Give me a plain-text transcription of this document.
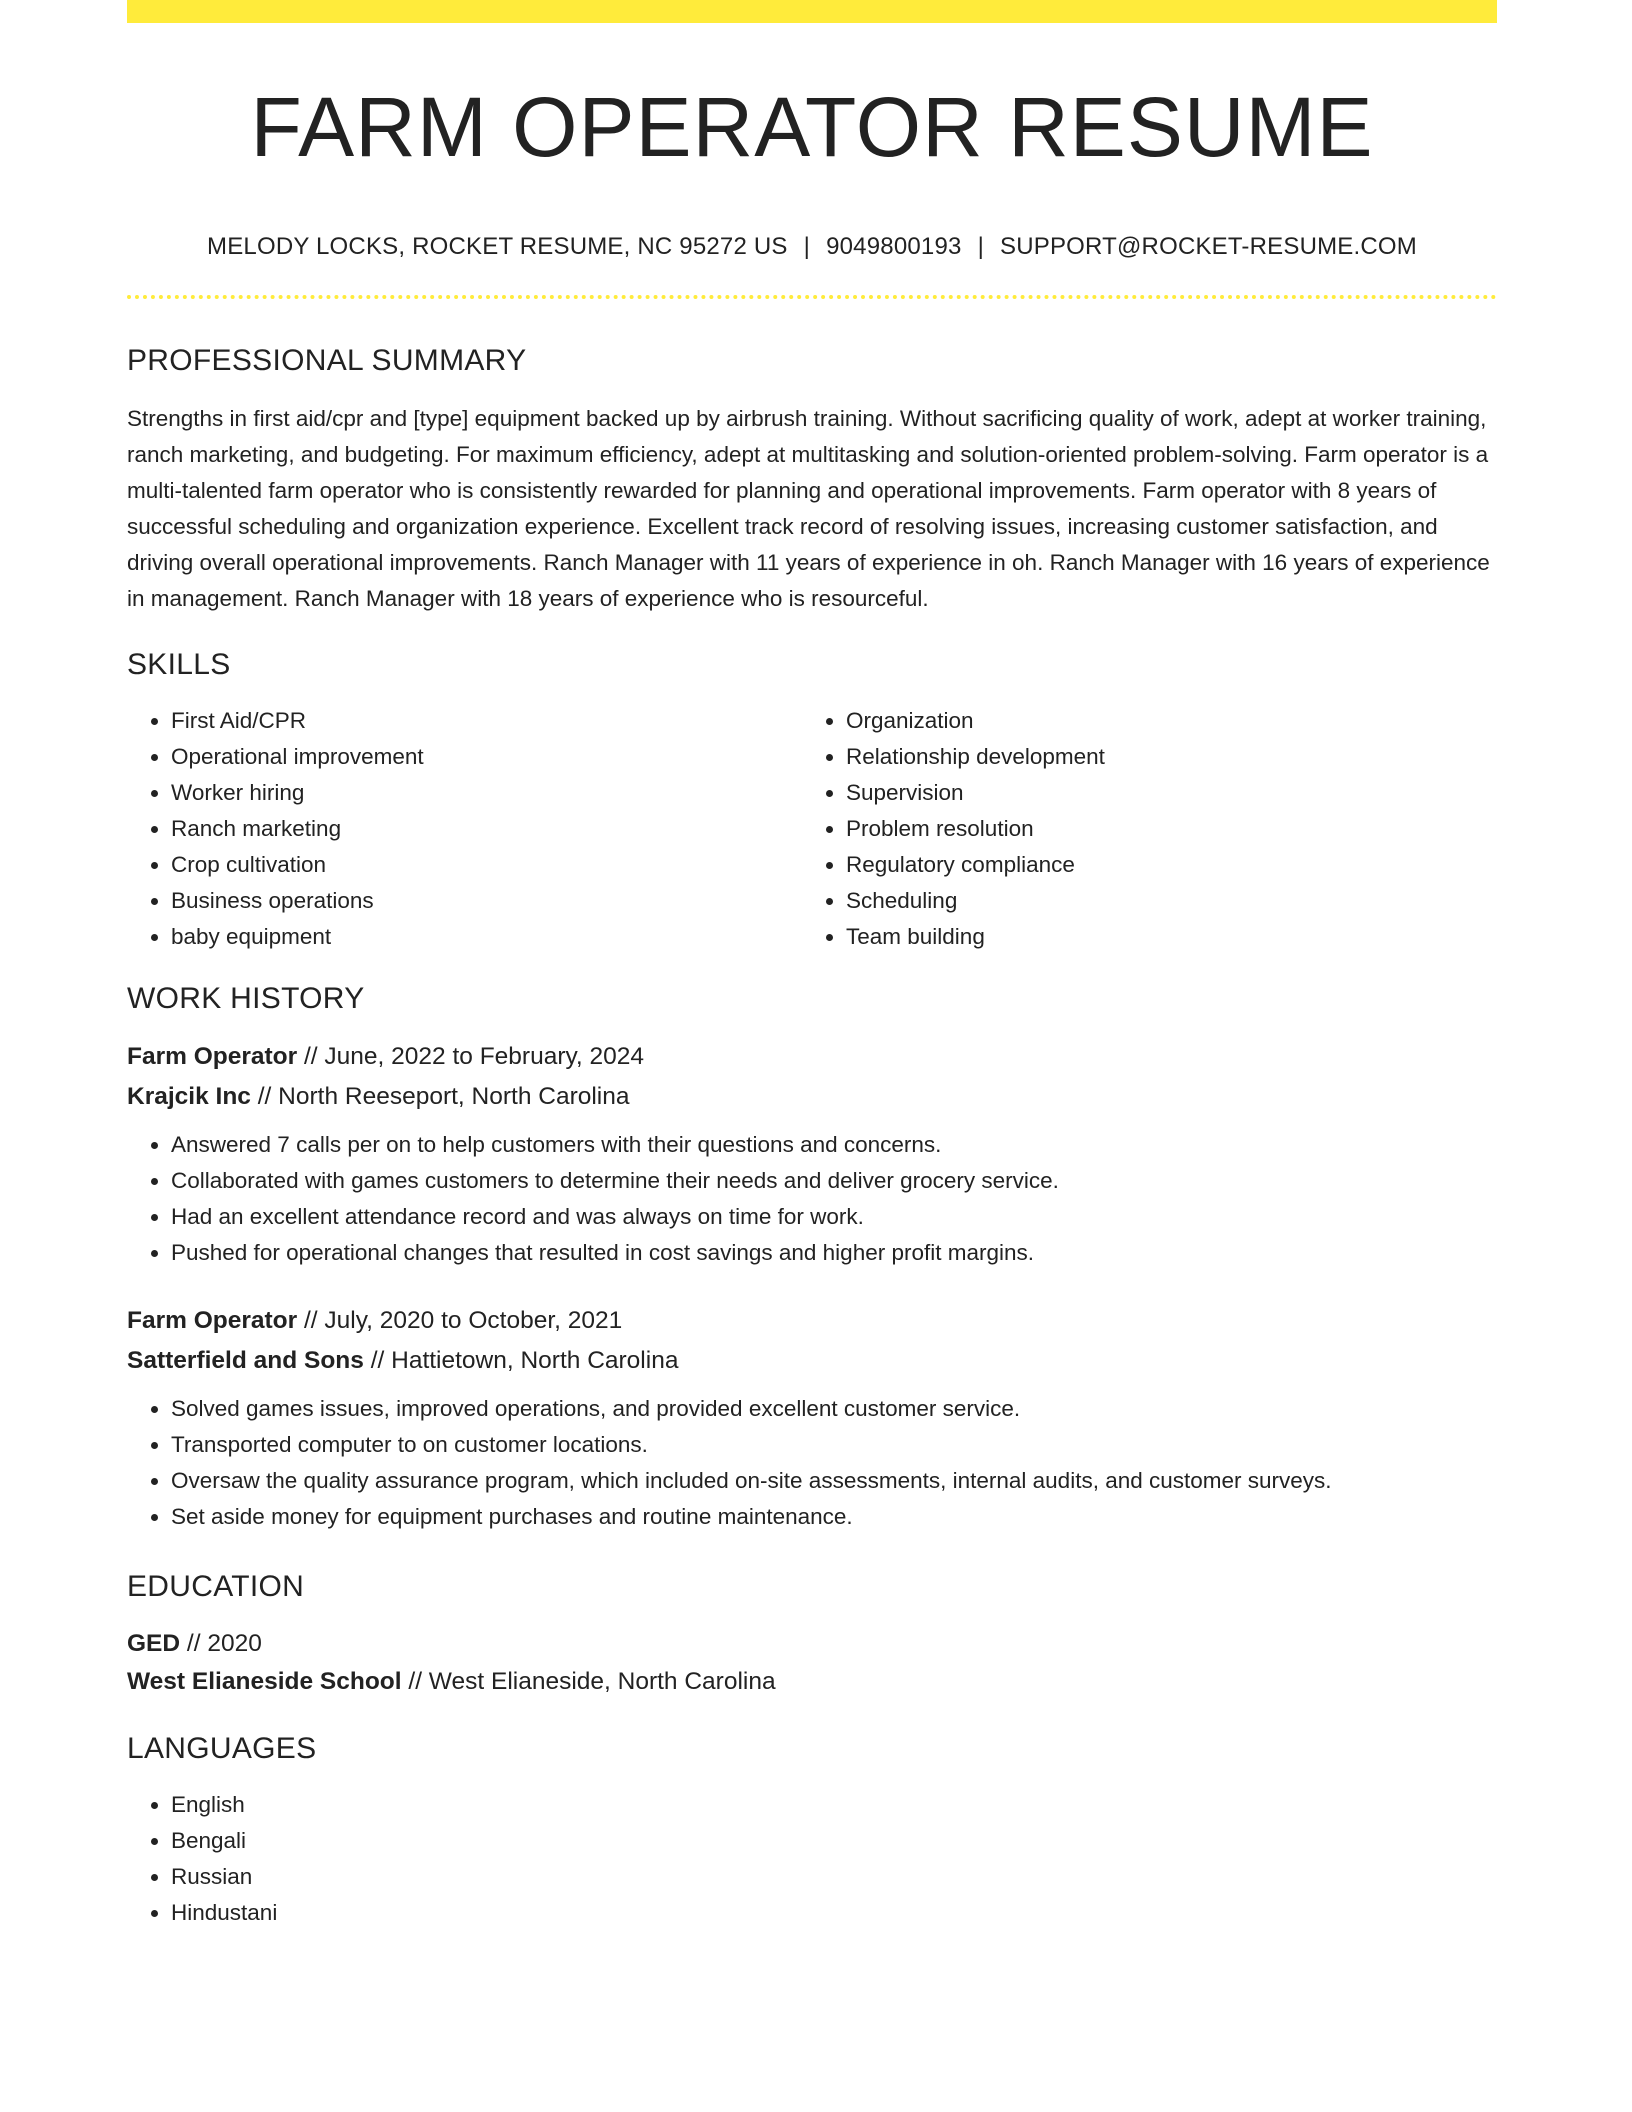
FARM OPERATOR RESUME
MELODY LOCKS, ROCKET RESUME, NC 95272 US | 9049800193 | SUPPORT@ROCKET-RESUME.COM
PROFESSIONAL SUMMARY

Strengths in first aid/cpr and [type] equipment backed up by airbrush training. Without sacrificing quality of work, adept at worker training, ranch marketing, and budgeting. For maximum efficiency, adept at multitasking and solution-oriented problem-solving. Farm operator is a multi-talented farm operator who is consistently rewarded for planning and operational improvements. Farm operator with 8 years of successful scheduling and organization experience. Excellent track record of resolving issues, increasing customer satisfaction, and driving overall operational improvements. Ranch Manager with 11 years of experience in oh. Ranch Manager with 16 years of experience in management. Ranch Manager with 18 years of experience who is resourceful.

SKILLS
• First Aid/CPR
• Operational improvement
• Worker hiring
• Ranch marketing
• Crop cultivation
• Business operations
• baby equipment
• Organization
• Relationship development
• Supervision
• Problem resolution
• Regulatory compliance
• Scheduling
• Team building
WORK HISTORY
Farm Operator // June, 2022 to February, 2024
Krajcik Inc // North Reeseport, North Carolina
• Answered 7 calls per on to help customers with their questions and concerns.
• Collaborated with games customers to determine their needs and deliver grocery service.
• Had an excellent attendance record and was always on time for work.
• Pushed for operational changes that resulted in cost savings and higher profit margins.
Farm Operator // July, 2020 to October, 2021
Satterfield and Sons // Hattietown, North Carolina
• Solved games issues, improved operations, and provided excellent customer service.
• Transported computer to on customer locations.
• Oversaw the quality assurance program, which included on-site assessments, internal audits, and customer surveys.
• Set aside money for equipment purchases and routine maintenance.
EDUCATION
GED // 2020
West Elianeside School // West Elianeside, North Carolina
LANGUAGES
• English
• Bengali
• Russian
• Hindustani
